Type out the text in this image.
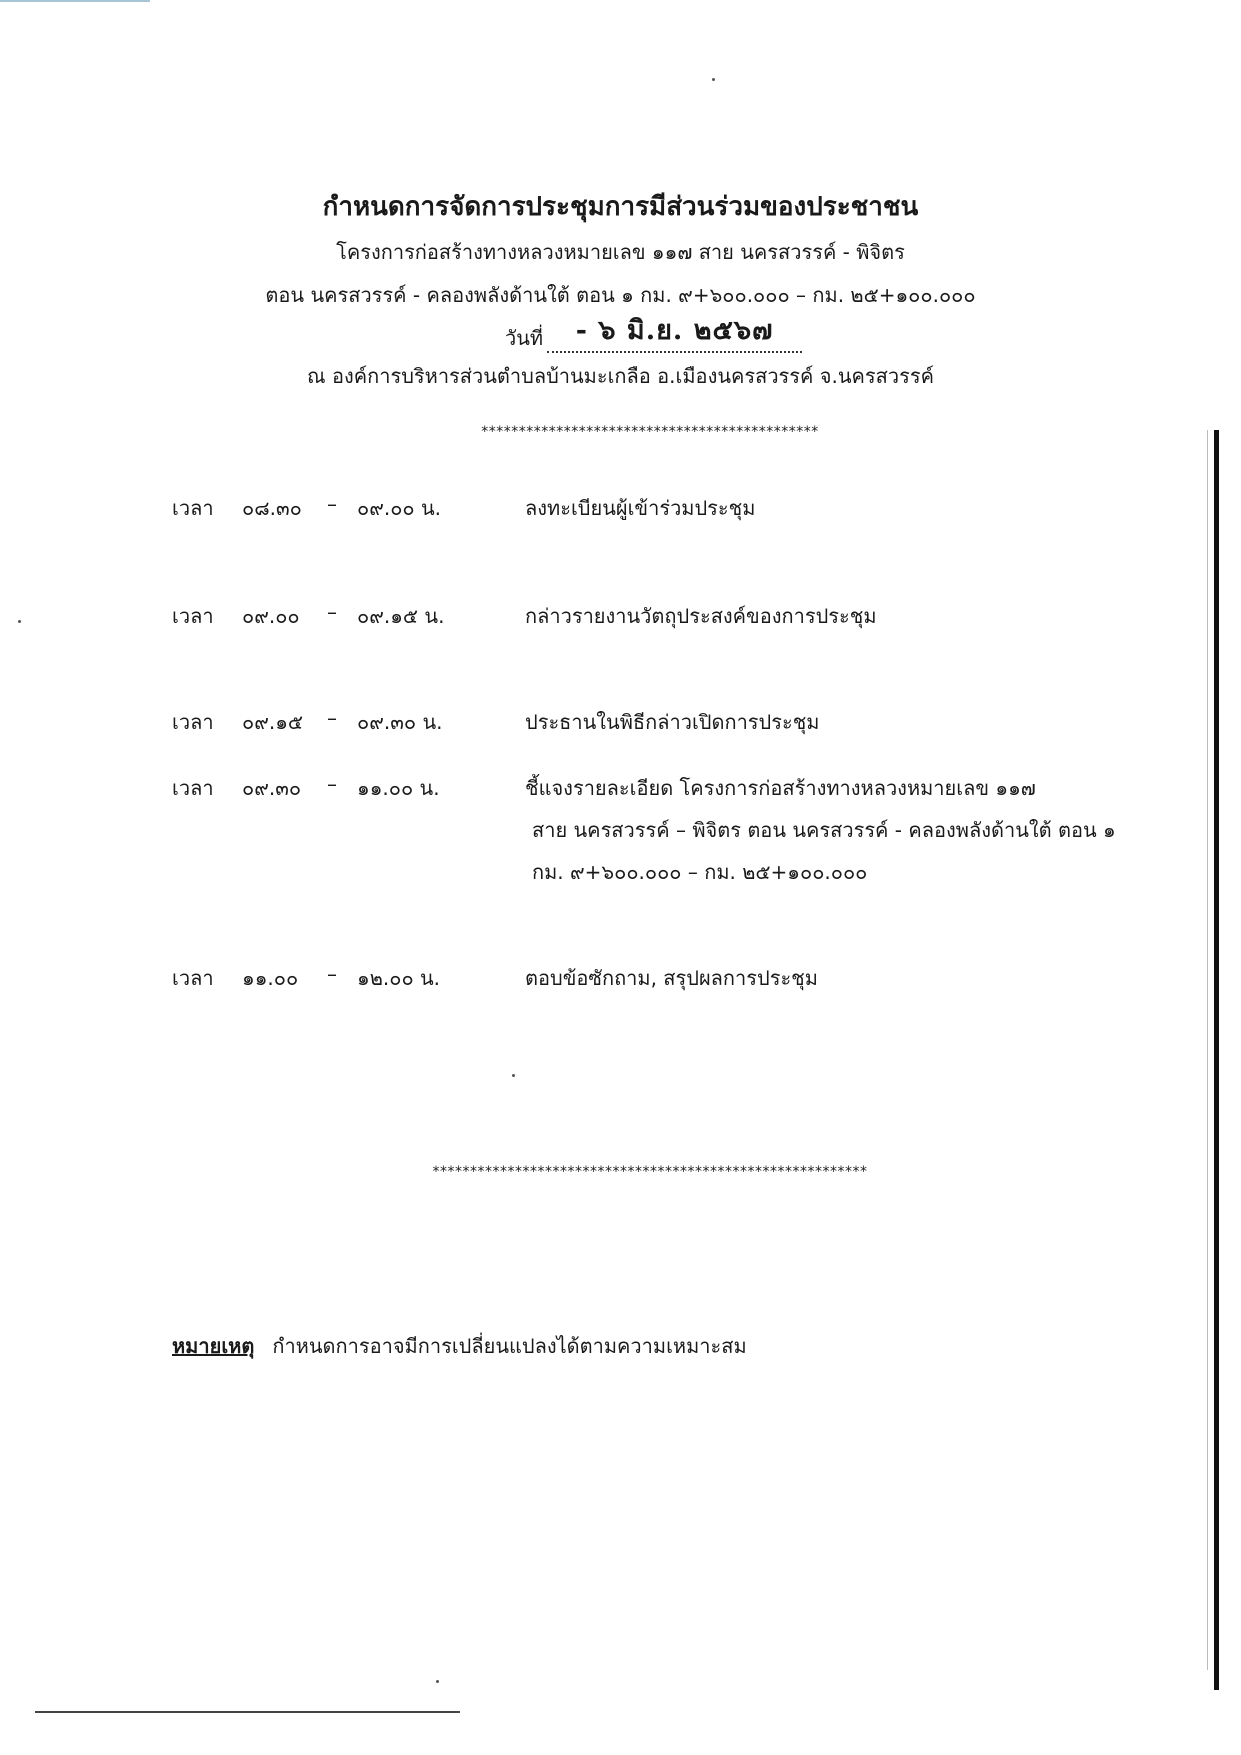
กำหนดการจัดการประชุมการมีส่วนร่วมของประชาชน
โครงการก่อสร้างทางหลวงหมายเลข ๑๑๗ สาย นครสวรรค์ - พิจิตร
ตอน นครสวรรค์ - คลองพลังด้านใต้ ตอน ๑ กม. ๙+๖๐๐.๐๐๐ – กม. ๒๕+๑๐๐.๐๐๐
วันที่ - ๖ มิ.ย. ๒๕๖๗
ณ องค์การบริหารส่วนตำบลบ้านมะเกลือ อ.เมืองนครสวรรค์ จ.นครสวรรค์
*********************************************
เวลา ๐๘.๓๐ – ๐๙.๐๐ น.	ลงทะเบียนผู้เข้าร่วมประชุม
เวลา ๐๙.๐๐ – ๐๙.๑๕ น.	กล่าวรายงานวัตถุประสงค์ของการประชุม
เวลา ๐๙.๑๕ – ๐๙.๓๐ น.	ประธานในพิธีกล่าวเปิดการประชุม
เวลา ๐๙.๓๐ – ๑๑.๐๐ น.	ชี้แจงรายละเอียด โครงการก่อสร้างทางหลวงหมายเลข ๑๑๗
สาย นครสวรรค์ – พิจิตร ตอน นครสวรรค์ - คลองพลังด้านใต้ ตอน ๑
กม. ๙+๖๐๐.๐๐๐ – กม. ๒๕+๑๐๐.๐๐๐
เวลา ๑๑.๐๐ – ๑๒.๐๐ น.	ตอบข้อซักถาม, สรุปผลการประชุม
**********************************************************
หมายเหตุ กำหนดการอาจมีการเปลี่ยนแปลงได้ตามความเหมาะสม
